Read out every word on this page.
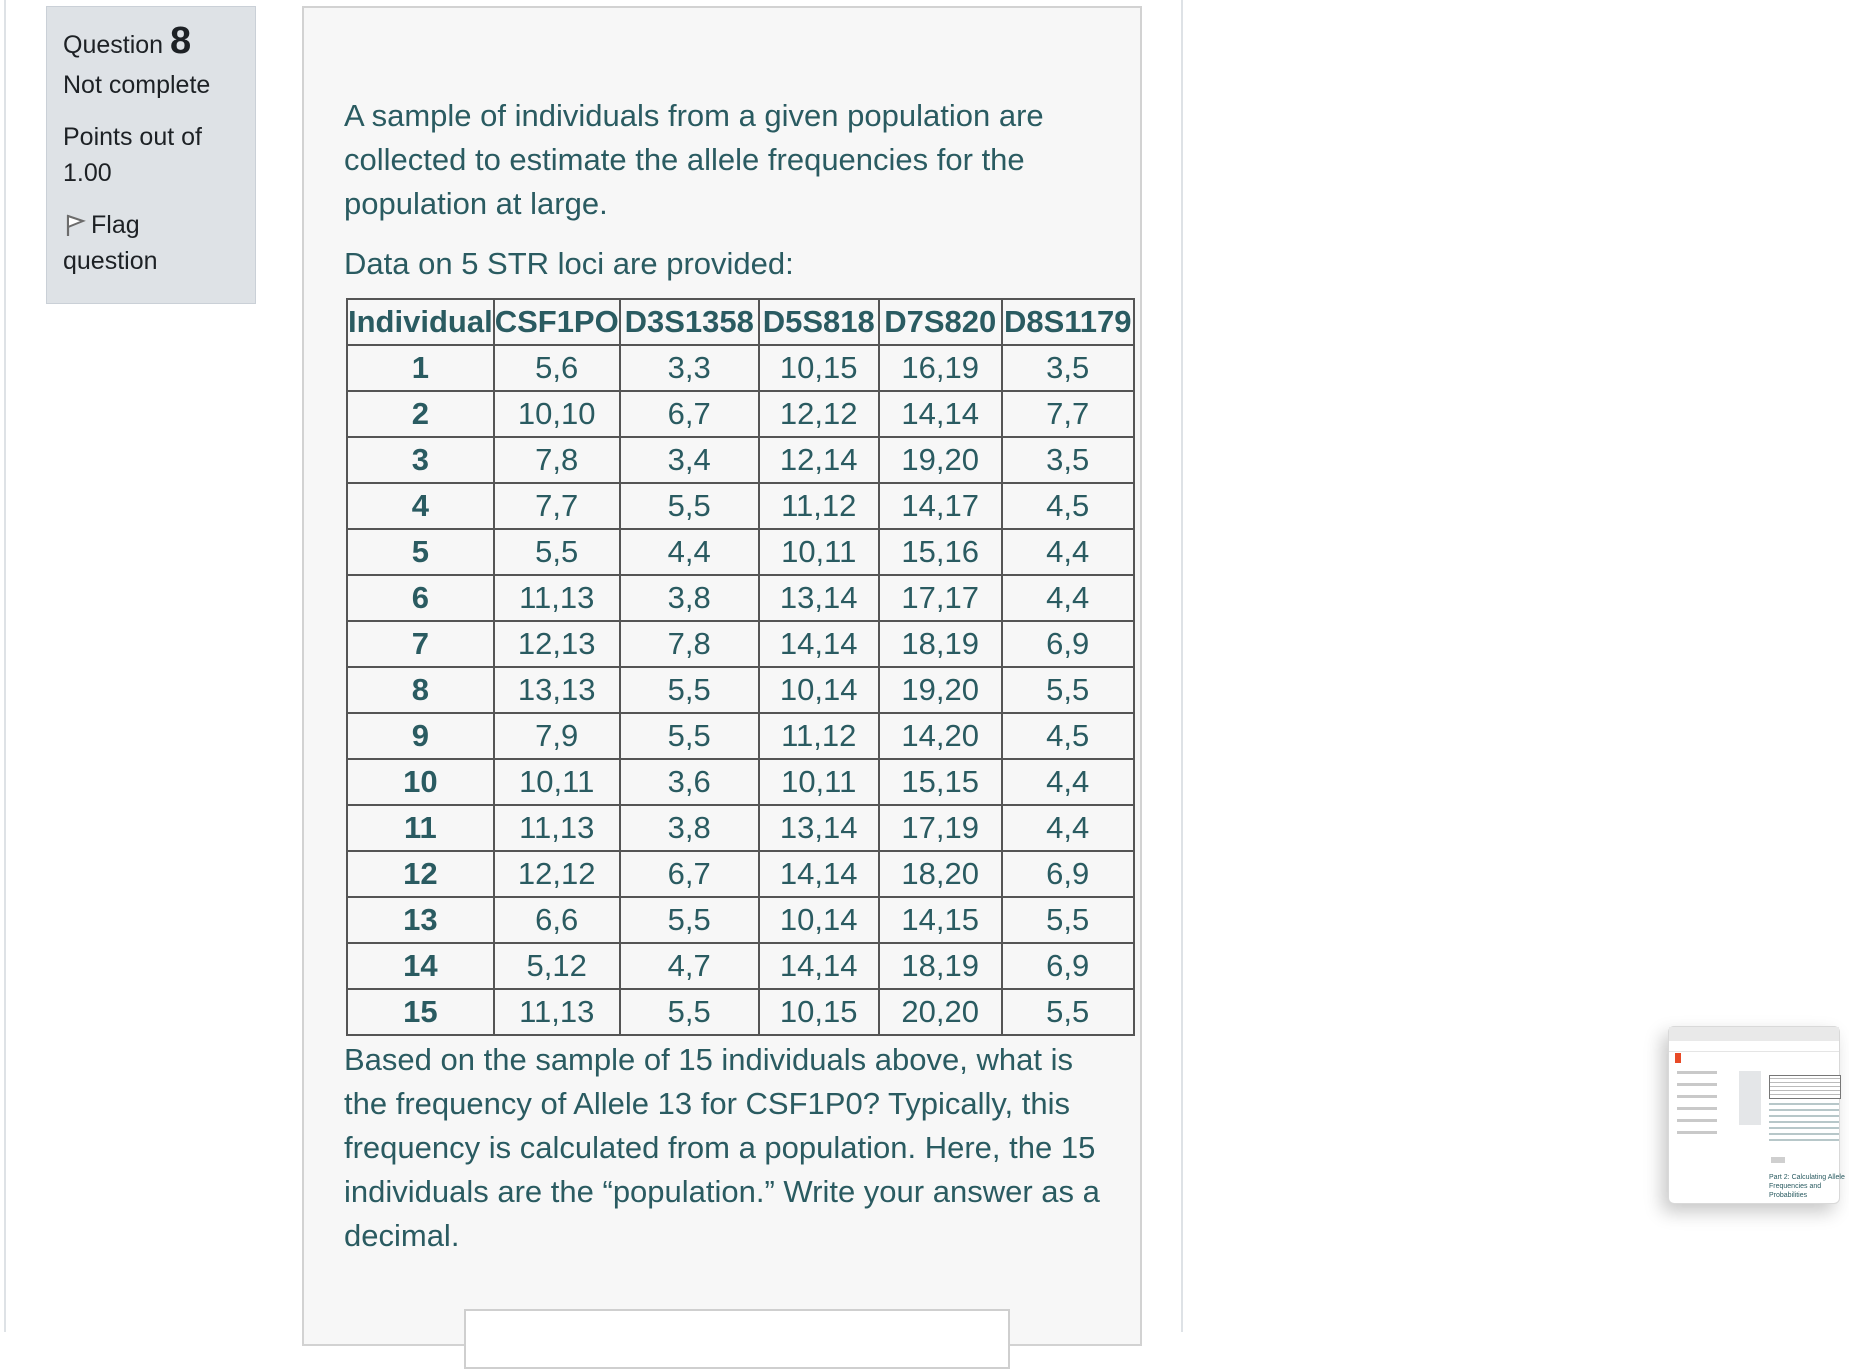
Question 8
Not complete
Points out of 1.00
Flag question

A sample of individuals from a given population are collected to estimate the allele frequencies for the population at large.

Data on 5 STR loci are provided:

Individual	CSF1PO	D3S1358	D5S818	D7S820	D8S1179
1	5,6	3,3	10,15	16,19	3,5
2	10,10	6,7	12,12	14,14	7,7
3	7,8	3,4	12,14	19,20	3,5
4	7,7	5,5	11,12	14,17	4,5
5	5,5	4,4	10,11	15,16	4,4
6	11,13	3,8	13,14	17,17	4,4
7	12,13	7,8	14,14	18,19	6,9
8	13,13	5,5	10,14	19,20	5,5
9	7,9	5,5	11,12	14,20	4,5
10	10,11	3,6	10,11	15,15	4,4
11	11,13	3,8	13,14	17,19	4,4
12	12,12	6,7	14,14	18,20	6,9
13	6,6	5,5	10,14	14,15	5,5
14	5,12	4,7	14,14	18,19	6,9
15	11,13	5,5	10,15	20,20	5,5
Based on the sample of 15 individuals above, what is the frequency of Allele 13 for CSF1P0? Typically, this frequency is calculated from a population. Here, the 15 individuals are the “population.” Write your answer as a decimal.
Part 2: Calculating Allele Frequencies and Probabilities
